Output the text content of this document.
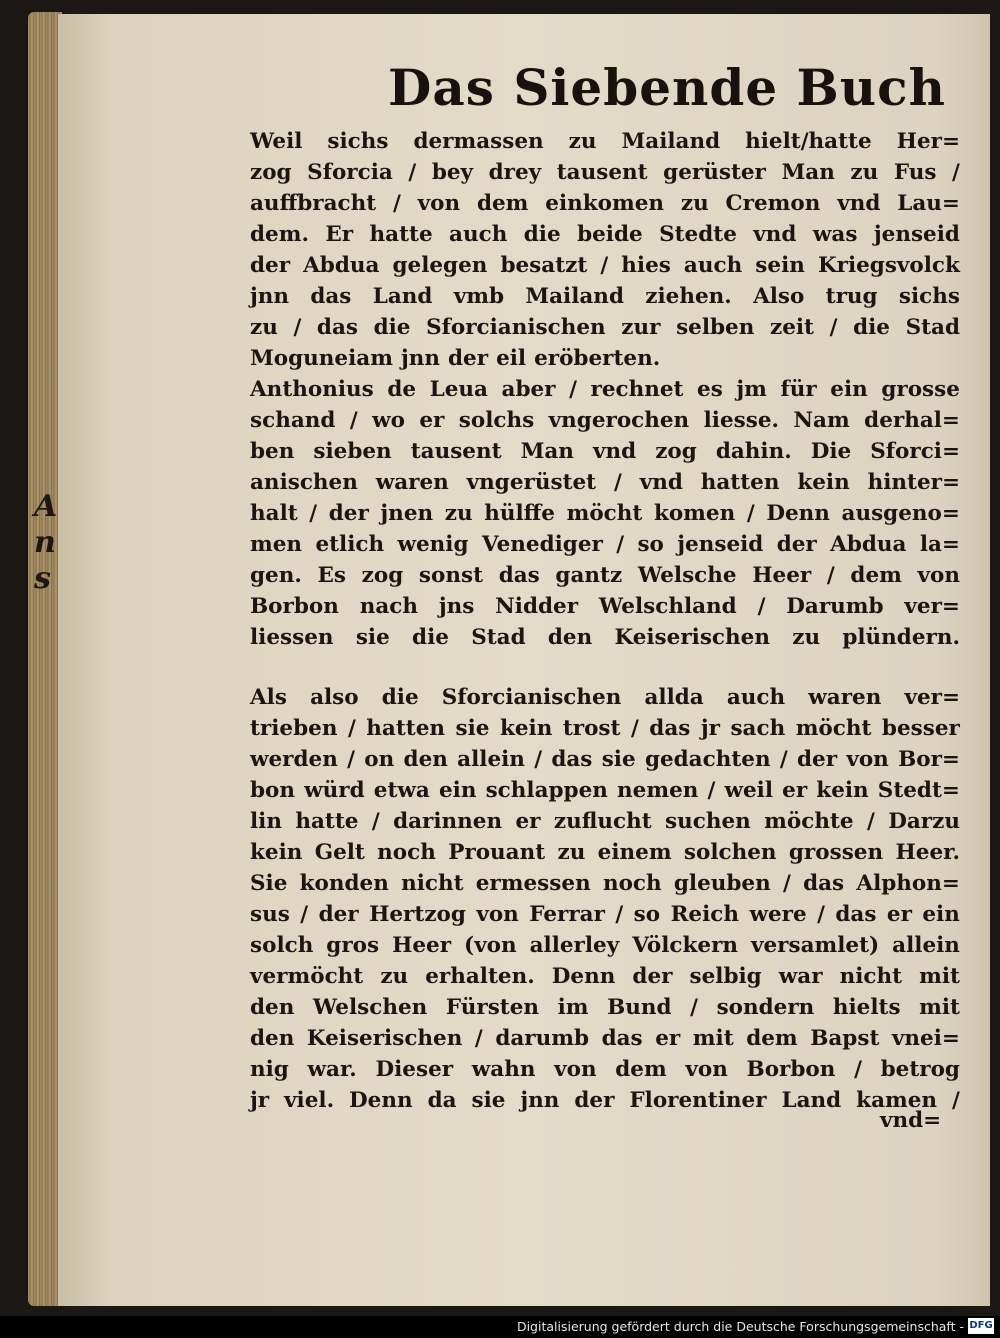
A
n
s
Das Siebende Buch
Weil sichs dermassen zu Mailand hielt/hatte Her=
zog Sforcia / bey drey tausent gerüster Man zu Fus /
auffbracht / von dem einkomen zu Cremon vnd Lau=
dem. Er hatte auch die beide Stedte vnd was jenseid
der Abdua gelegen besatzt / hies auch sein Kriegsvolck
jnn das Land vmb Mailand ziehen. Also trug sichs
zu / das die Sforcianischen zur selben zeit / die Stad
Moguneiam jnn der eil eröberten.
Anthonius de Leua aber / rechnet es jm für ein grosse
schand / wo er solchs vngerochen liesse. Nam derhal=
ben sieben tausent Man vnd zog dahin. Die Sforci=
anischen waren vngerüstet / vnd hatten kein hinter=
halt / der jnen zu hülffe möcht komen / Denn ausgeno=
men etlich wenig Venediger / so jenseid der Abdua la=
gen. Es zog sonst das gantz Welsche Heer / dem von
Borbon nach jns Nidder Welschland / Darumb ver=
liessen sie die Stad den Keiserischen zu plündern.
Als also die Sforcianischen allda auch waren ver=
trieben / hatten sie kein trost / das jr sach möcht besser
werden / on den allein / das sie gedachten / der von Bor=
bon würd etwa ein schlappen nemen / weil er kein Stedt=
lin hatte / darinnen er zuflucht suchen möchte / Darzu
kein Gelt noch Prouant zu einem solchen grossen Heer.
Sie konden nicht ermessen noch gleuben / das Alphon=
sus / der Hertzog von Ferrar / so Reich were / das er ein
solch gros Heer (von allerley Völckern versamlet) allein
vermöcht zu erhalten. Denn der selbig war nicht mit
den Welschen Fürsten im Bund / sondern hielts mit
den Keiserischen / darumb das er mit dem Bapst vnei=
nig war. Dieser wahn von dem von Borbon / betrog
jr viel. Denn da sie jnn der Florentiner Land kamen /
vnd=
Digitalisierung gefördert durch die Deutsche Forschungsgemeinschaft - DFG
